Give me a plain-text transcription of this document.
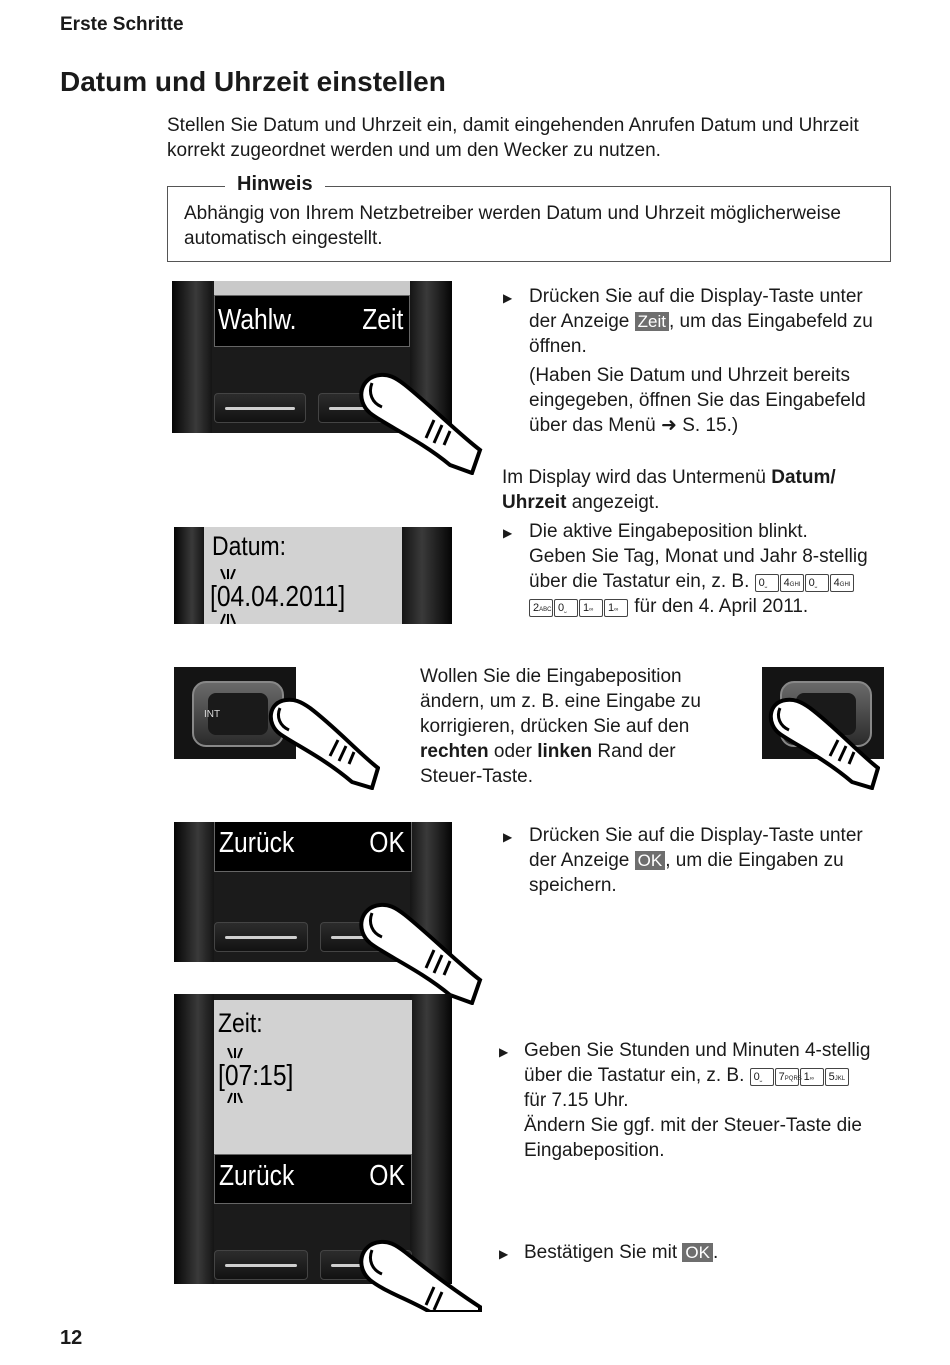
Erste Schritte
Datum und Uhrzeit einstellen

Stellen Sie Datum und Uhrzeit ein, damit eingehenden Anrufen Datum und Uhrzeit korrekt zugeordnet werden und um den Wecker zu nutzen.

Hinweis

Abhängig von Ihrem Netzbetreiber werden Datum und Uhrzeit möglicherweise automatisch eingestellt.

Wahlw. Zeit
▶ Drücken Sie auf die Display-Taste unter der Anzeige Zeit , um das Eingabefeld zu öffnen.

(Haben Sie Datum und Uhrzeit bereits eingegeben, öffnen Sie das Eingabefeld über das Menü ➜ S. 15.)

Im Display wird das Untermenü Datum/ Uhrzeit angezeigt.

Datum:
[04.04.2011]
▶ Die aktive Eingabeposition blinkt.
Geben Sie Tag, Monat und Jahr 8-stellig über die Tastatur ein, z. B. 0⎵ 4GHI 0⎵ 4GHI
2ABC 0⎵ 1∞ 1∞ für den 4. April 2011.
INT

Wollen Sie die Eingabeposition ändern, um z. B. eine Eingabe zu korrigieren, drücken Sie auf den rechten oder linken Rand der Steuer-Taste.

Zurück	OK	▶ Drücken Sie auf die Display-Taste unter der Anzeige OK , um die Eingaben zu speichern.

Zeit:
[07:15]
Zurück	OK
▶ Geben Sie Stunden und Minuten 4-stellig über die Tastatur ein, z. B. 0⎵ 7PQRS 1∞ 5JKL
für 7.15 Uhr.
Ändern Sie ggf. mit der Steuer-Taste die Eingabeposition.
▶ Bestätigen Sie mit OK .

12
